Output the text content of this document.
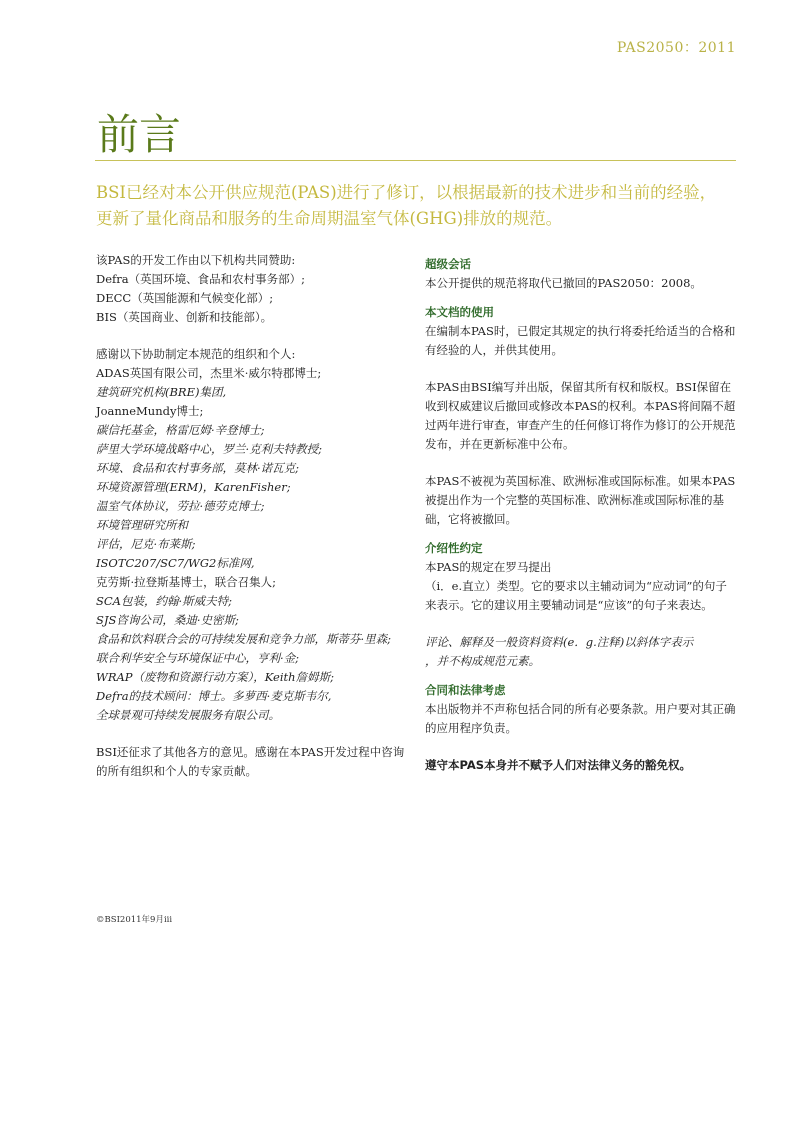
PAS2050：2011
前言
BSI已经对本公开供应规范(PAS)进行了修订，以根据最新的技术进步和当前的经验，更新了量化商品和服务的生命周期温室气体(GHG)排放的规范。

该PAS的开发工作由以下机构共同赞助:

Defra（英国环境、食品和农村事务部）;

DECC（英国能源和气候变化部）;

BIS（英国商业、创新和技能部）。

感谢以下协助制定本规范的组织和个人:

ADAS英国有限公司，杰里米·威尔特郡博士;

建筑研究机构(BRE)集团,

JoanneMundy博士;

碳信托基金，格雷厄姆·辛登博士;

萨里大学环境战略中心，罗兰·克利夫特教授;

环境、食品和农村事务部，莫林·诺瓦克;

环境资源管理(ERM)，KarenFisher;

温室气体协议，劳拉·德劳克博士;

环境管理研究所和

评估，尼克·布莱斯;

ISOTC207/SC7/WG2标准网,

克劳斯·拉登斯基博士，联合召集人;

SCA包装，约翰·斯威夫特;

SJS咨询公司，桑迪·史密斯;

食品和饮料联合会的可持续发展和竞争力部，斯蒂芬·里森;

联合利华安全与环境保证中心，亨利·金;

WRAP（废物和资源行动方案），Keith詹姆斯;

Defra的技术顾问：博士。多萝西·麦克斯韦尔,

全球景观可持续发展服务有限公司。

BSI还征求了其他各方的意见。感谢在本PAS开发过程中咨询的所有组织和个人的专家贡献。

超级会话

本公开提供的规范将取代已撤回的PAS2050：2008。

本文档的使用

在编制本PAS时，已假定其规定的执行将委托给适当的合格和有经验的人，并供其使用。

本PAS由BSI编写并出版，保留其所有权和版权。BSI保留在收到权威建议后撤回或修改本PAS的权利。本PAS将间隔不超过两年进行审查，审查产生的任何修订将作为修订的公开规范发布，并在更新标准中公布。

本PAS不被视为英国标准、欧洲标准或国际标准。如果本PAS被提出作为一个完整的英国标准、欧洲标准或国际标准的基础，它将被撤回。

介绍性约定

本PAS的规定在罗马提出

（i．e.直立）类型。它的要求以主辅动词为“应动词”的句子来表示。它的建议用主要辅动词是“应该”的句子来表达。

评论、解释及一般资料资料(e．g.注释)以斜体字表示

，并不构成规范元素。

合同和法律考虑

本出版物并不声称包括合同的所有必要条款。用户要对其正确的应用程序负责。

遵守本PAS本身并不赋予人们对法律义务的豁免权。

©BSI2011年9月iii
